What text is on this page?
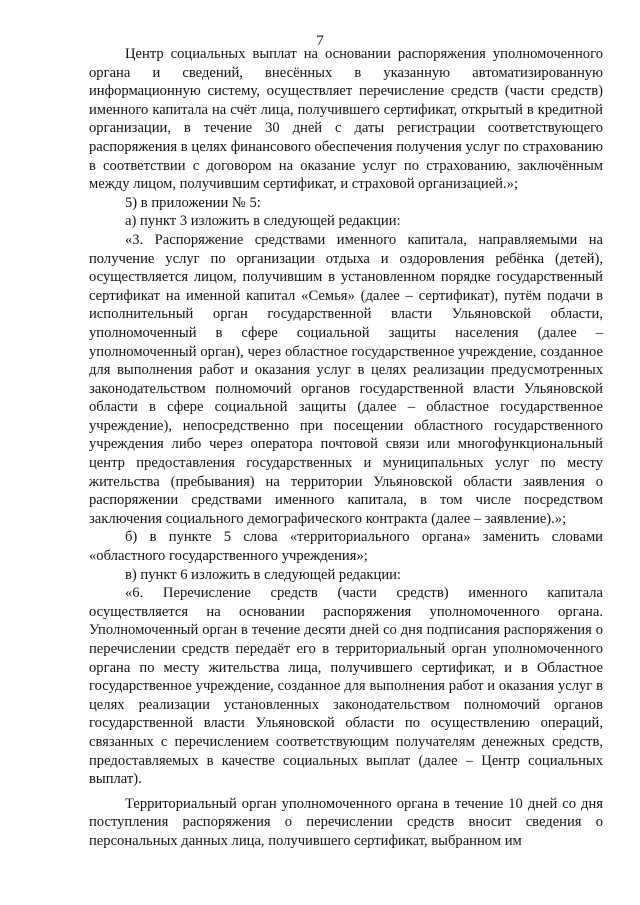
7

Центр социальных выплат на основании распоряжения уполномоченного органа и сведений, внесённых в указанную автоматизированную информационную систему, осуществляет перечисление средств (части средств) именного капитала на счёт лица, получившего сертификат, открытый в кредитной организации, в течение 30 дней с даты регистрации соответствующего распоряжения в целях финансового обеспечения получения услуг по страхованию в соответствии с договором на оказание услуг по страхованию, заключённым между лицом, получившим сертификат, и страховой организацией.»;

5) в приложении № 5:

а) пункт 3 изложить в следующей редакции:

«3. Распоряжение средствами именного капитала, направляемыми на получение услуг по организации отдыха и оздоровления ребёнка (детей), осуществляется лицом, получившим в установленном порядке государственный сертификат на именной капитал «Семья» (далее – сертификат), путём подачи в исполнительный орган государственной власти Ульяновской области, уполномоченный в сфере социальной защиты населения (далее – уполномоченный орган), через областное государственное учреждение, созданное для выполнения работ и оказания услуг в целях реализации предусмотренных законодательством полномочий органов государственной власти Ульяновской области в сфере социальной защиты (далее – областное государственное учреждение), непосредственно при посещении областного государственного учреждения либо через оператора почтовой связи или многофункциональный центр предоставления государственных и муниципальных услуг по месту жительства (пребывания) на территории Ульяновской области заявления о распоряжении средствами именного капитала, в том числе посредством заключения социального демографического контракта (далее – заявление).»;

б) в пункте 5 слова «территориального органа» заменить словами «областного государственного учреждения»;

в) пункт 6 изложить в следующей редакции:

«6. Перечисление средств (части средств) именного капитала осуществляется на основании распоряжения уполномоченного органа. Уполномоченный орган в течение десяти дней со дня подписания распоряжения о перечислении средств передаёт его в территориальный орган уполномоченного органа по месту жительства лица, получившего сертификат, и в Областное государственное учреждение, созданное для выполнения работ и оказания услуг в целях реализации установленных законодательством полномочий органов государственной власти Ульяновской области по осуществлению операций, связанных с перечислением соответствующим получателям денежных средств, предоставляемых в качестве социальных выплат (далее – Центр социальных выплат).

Территориальный орган уполномоченного органа в течение 10 дней со дня поступления распоряжения о перечислении средств вносит сведения о персональных данных лица, получившего сертификат, выбранном им
